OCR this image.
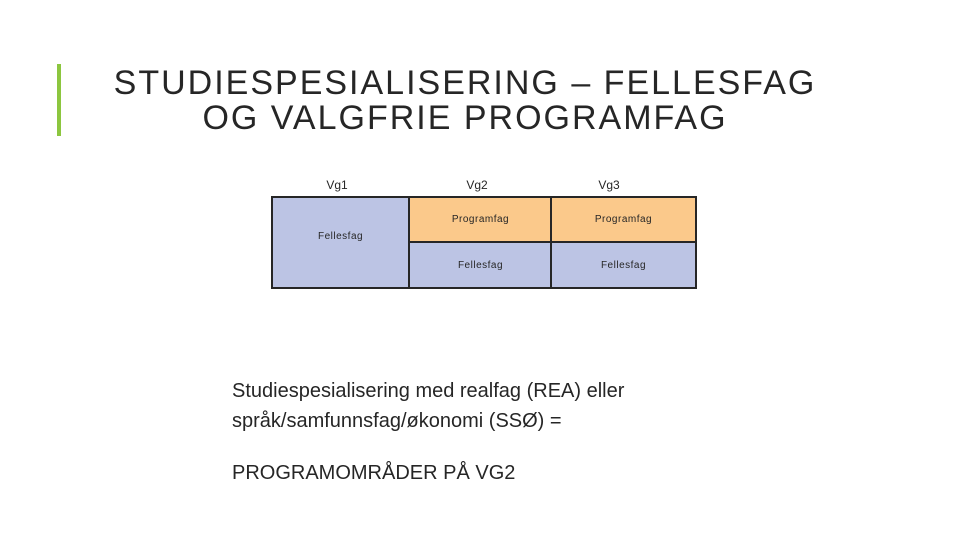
STUDIESPESIALISERING – FELLESFAG
OG VALGFRIE PROGRAMFAG
Vg1	Vg2	Vg3
Fellesfag
Programfag
Fellesfag
Programfag
Fellesfag
Studiespesialisering med realfag (REA) eller
språk/samfunnsfag/økonomi (SSØ) =
PROGRAMOMRÅDER PÅ VG2
